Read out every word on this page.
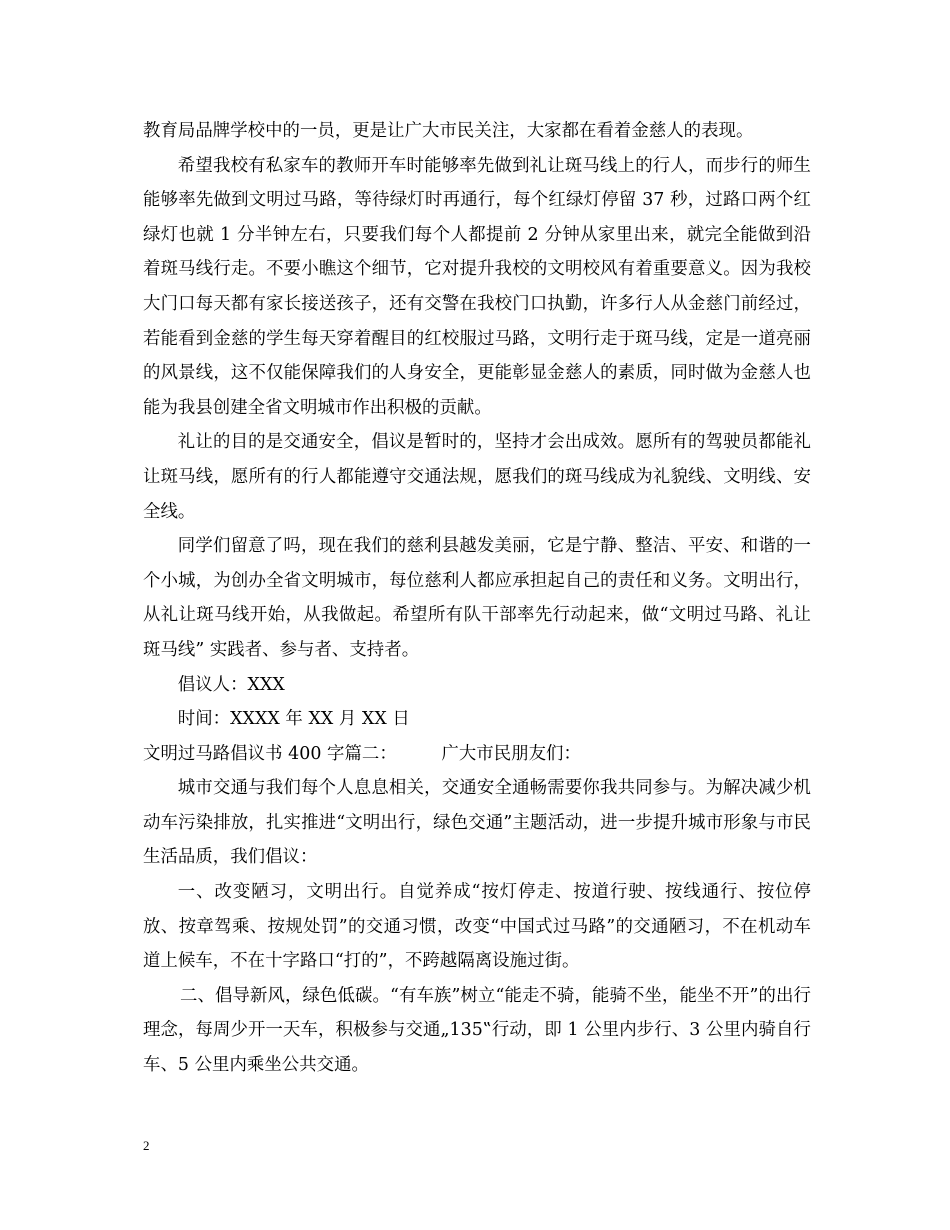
教育局品牌学校中的一员，更是让广大市民关注，大家都在看着金慈人的表现。

希望我校有私家车的教师开车时能够率先做到礼让斑马线上的行人，而步行的师生能够率先做到文明过马路，等待绿灯时再通行，每个红绿灯停留 37 秒，过路口两个红绿灯也就 1 分半钟左右，只要我们每个人都提前 2 分钟从家里出来，就完全能做到沿着斑马线行走。不要小瞧这个细节，它对提升我校的文明校风有着重要意义。因为我校大门口每天都有家长接送孩子，还有交警在我校门口执勤，许多行人从金慈门前经过，若能看到金慈的学生每天穿着醒目的红校服过马路，文明行走于斑马线，定是一道亮丽的风景线，这不仅能保障我们的人身安全，更能彰显金慈人的素质，同时做为金慈人也能为我县创建全省文明城市作出积极的贡献。

礼让的目的是交通安全，倡议是暂时的，坚持才会出成效。愿所有的驾驶员都能礼让斑马线，愿所有的行人都能遵守交通法规，愿我们的斑马线成为礼貌线、文明线、安全线。

同学们留意了吗，现在我们的慈利县越发美丽，它是宁静、整洁、平安、和谐的一个小城，为创办全省文明城市，每位慈利人都应承担起自己的责任和义务。文明出行，从礼让斑马线开始，从我做起。希望所有队干部率先行动起来，做“文明过马路、礼让斑马线” 实践者、参与者、支持者。

倡议人：XXX

时间：XXXX 年 XX 月 XX 日

文明过马路倡议书 400 字篇二：        广大市民朋友们：

城市交通与我们每个人息息相关，交通安全通畅需要你我共同参与。为解决减少机动车污染排放，扎实推进“文明出行，绿色交通”主题活动，进一步提升城市形象与市民生活品质，我们倡议：

一、改变陋习，文明出行。自觉养成“按灯停走、按道行驶、按线通行、按位停放、按章驾乘、按规处罚”的交通习惯，改变“中国式过马路”的交通陋习，不在机动车道上候车，不在十字路口“打的”，不跨越隔离设施过街。

二、倡导新风，绿色低碳。“有车族”树立“能走不骑，能骑不坐，能坐不开”的出行理念，每周少开一天车，积极参与交通„135‟行动，即 1 公里内步行、3 公里内骑自行车、5 公里内乘坐公共交通。

2
